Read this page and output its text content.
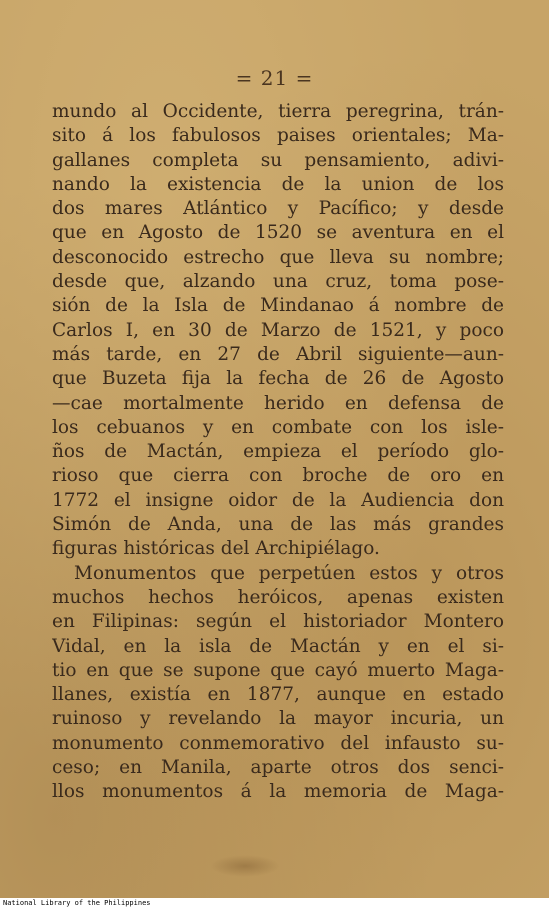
= 21 =
mundo al Occidente, tierra peregrina, trán-
sito á los fabulosos paises orientales; Ma-
gallanes completa su pensamiento, adivi-
nando la existencia de la union de los
dos mares Atlántico y Pacífico; y desde
que en Agosto de 1520 se aventura en el
desconocido estrecho que lleva su nombre;
desde que, alzando una cruz, toma pose-
sión de la Isla de Mindanao á nombre de
Carlos I, en 30 de Marzo de 1521, y poco
más tarde, en 27 de Abril siguiente—aun-
que Buzeta fija la fecha de 26 de Agosto
—cae mortalmente herido en defensa de
los cebuanos y en combate con los isle-
ños de Mactán, empieza el período glo-
rioso que cierra con broche de oro en
1772 el insigne oidor de la Audiencia don
Simón de Anda, una de las más grandes
figuras históricas del Archipiélago.
Monumentos que perpetúen estos y otros
muchos hechos heróicos, apenas existen
en Filipinas: según el historiador Montero
Vidal, en la isla de Mactán y en el si-
tio en que se supone que cayó muerto Maga-
llanes, existía en 1877, aunque en estado
ruinoso y revelando la mayor incuria, un
monumento conmemorativo del infausto su-
ceso; en Manila, aparte otros dos senci-
llos monumentos á la memoria de Maga-
National Library of the Philippines
